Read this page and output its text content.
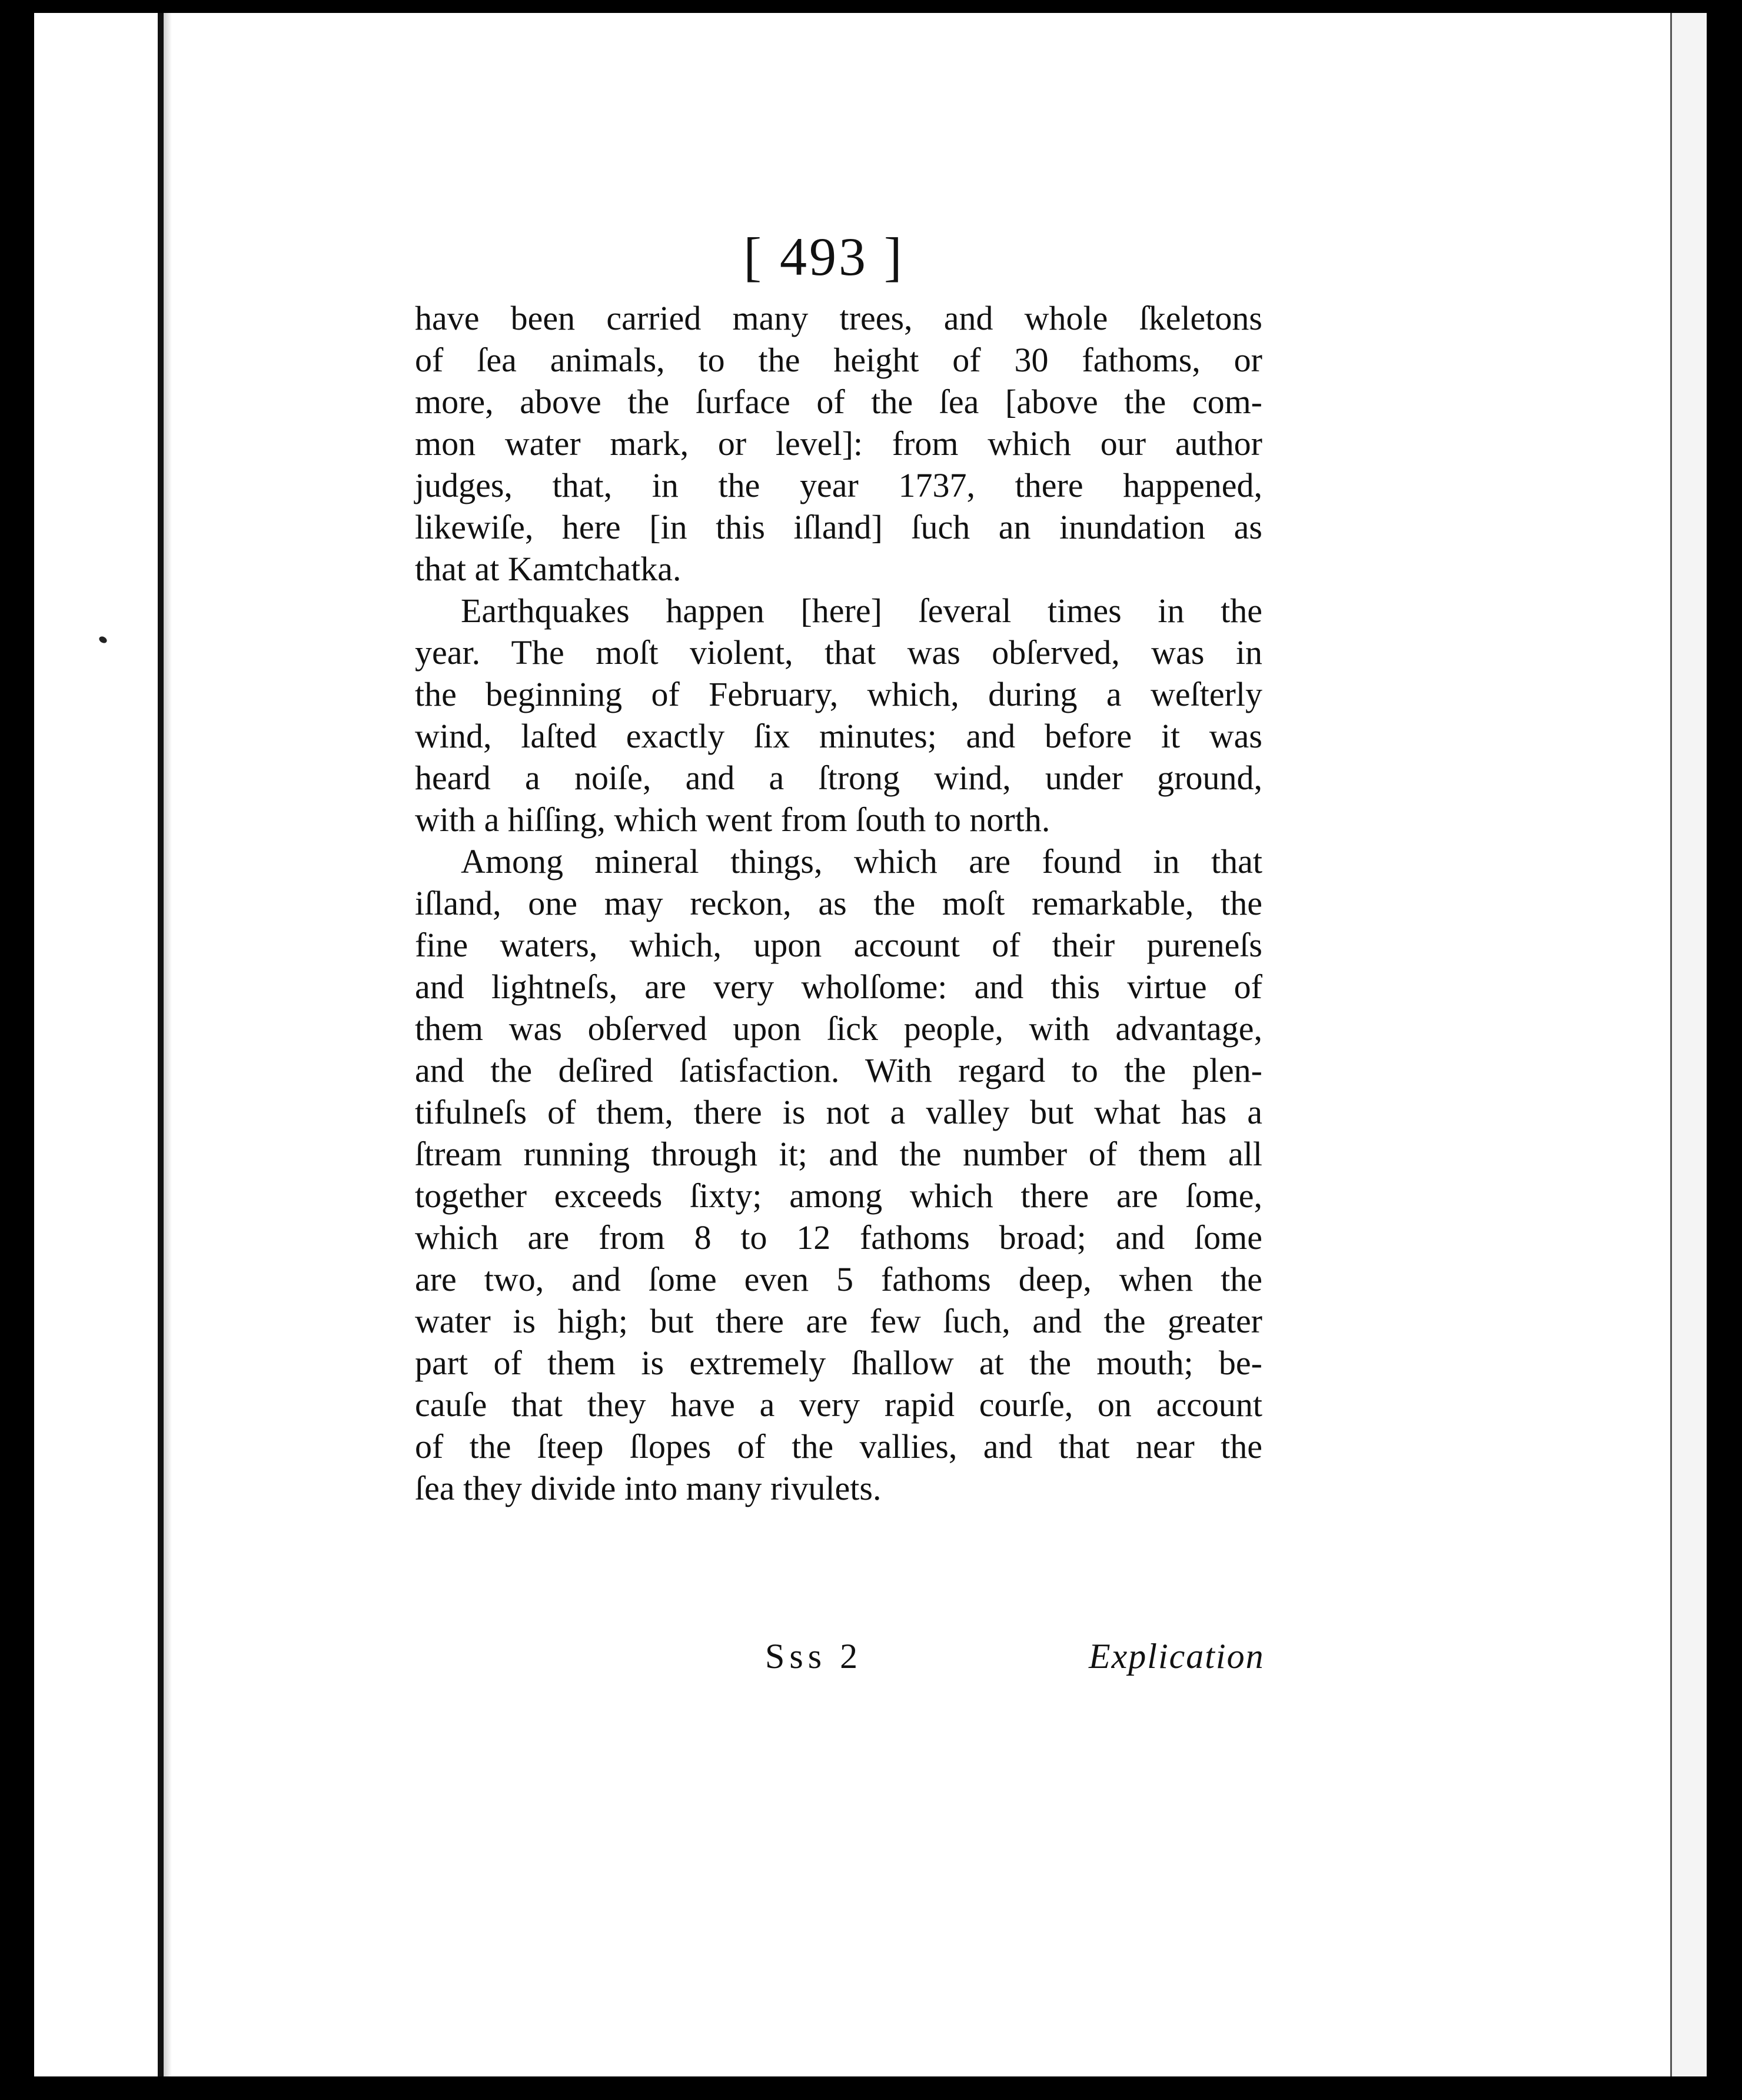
[ 493 ]
have been carried many trees, and whole ſkeletons
of ſea animals, to the height of 30 fathoms, or
more, above the ſurface of the ſea [above the com-
mon water mark, or level]: from which our author
judges, that, in the year 1737, there happened,
likewiſe, here [in this iſland] ſuch an inundation as
that at Kamtchatka.
Earthquakes happen [here] ſeveral times in the
year. The moſt violent, that was obſerved, was in
the beginning of February, which, during a weſterly
wind, laſted exactly ſix minutes; and before it was
heard a noiſe, and a ſtrong wind, under ground,
with a hiſſing, which went from ſouth to north.
Among mineral things, which are found in that
iſland, one may reckon, as the moſt remarkable, the
fine waters, which, upon account of their pureneſs
and lightneſs, are very wholſome: and this virtue of
them was obſerved upon ſick people, with advantage,
and the deſired ſatisfaction. With regard to the plen-
tifulneſs of them, there is not a valley but what has a
ſtream running through it; and the number of them all
together exceeds ſixty; among which there are ſome,
which are from 8 to 12 fathoms broad; and ſome
are two, and ſome even 5 fathoms deep, when the
water is high; but there are few ſuch, and the greater
part of them is extremely ſhallow at the mouth; be-
cauſe that they have a very rapid courſe, on account
of the ſteep ſlopes of the vallies, and that near the
ſea they divide into many rivulets.
Sss 2	Explication
